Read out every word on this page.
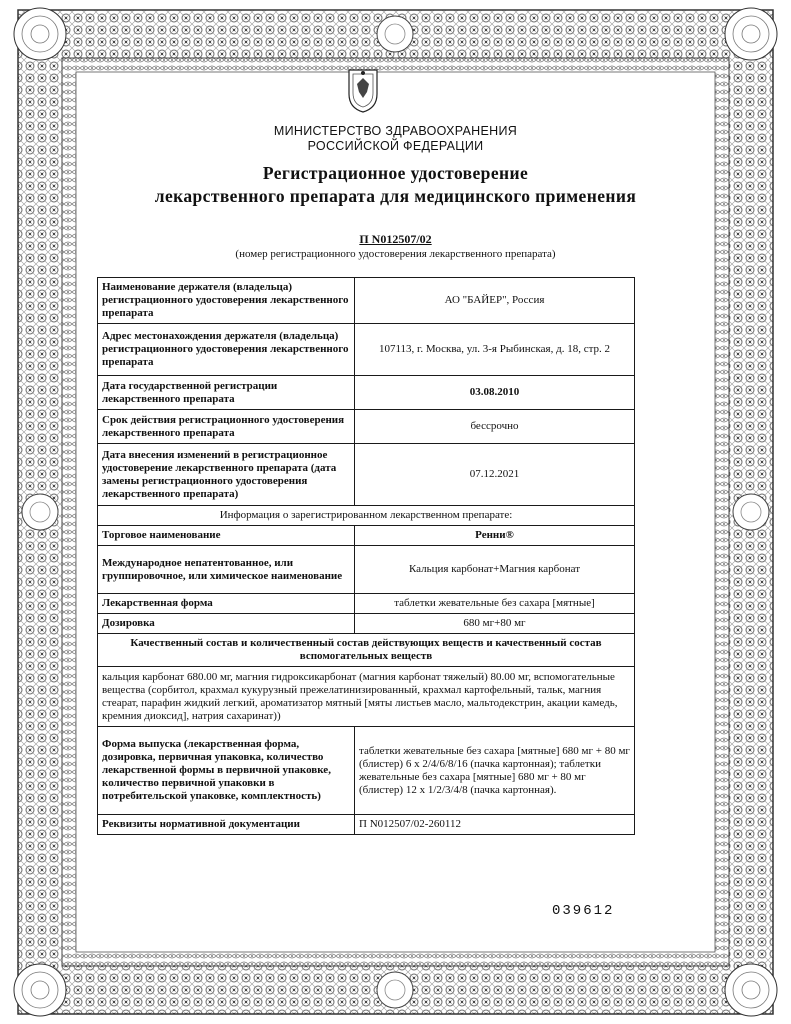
МИНИСТЕРСТВО ЗДРАВООХРАНЕНИЯ
РОССИЙСКОЙ ФЕДЕРАЦИИ
Регистрационное удостоверение
лекарственного препарата для медицинского применения
П N012507/02
(номер регистрационного удостоверения лекарственного препарата)
Наименование держателя (владельца) регистрационного удостоверения лекарственного препарата	АО "БАЙЕР", Россия
Адрес местонахождения держателя (владельца) регистрационного удостоверения лекарственного препарата	107113, г. Москва, ул. 3-я Рыбинская, д. 18, стр. 2
Дата государственной регистрации лекарственного препарата	03.08.2010
Срок действия регистрационного удостоверения лекарственного препарата	бессрочно
Дата внесения изменений в регистрационное удостоверение лекарственного препарата (дата замены регистрационного удостоверения лекарственного препарата)	07.12.2021
Информация о зарегистрированном лекарственном препарате:	
Торговое наименование	Ренни®
Международное непатентованное, или группировочное, или химическое наименование	Кальция карбонат+Магния карбонат
Лекарственная форма	таблетки жевательные без сахара [мятные]
Дозировка	680 мг+80 мг
Качественный состав и количественный состав действующих веществ и качественный состав вспомогательных веществ	
кальция карбонат 680.00 мг, магния гидроксикарбонат (магния карбонат тяжелый) 80.00 мг, вспомогательные вещества (сорбитол, крахмал кукурузный прежелатинизированный, крахмал картофельный, тальк, магния стеарат, парафин жидкий легкий, ароматизатор мятный [мяты листьев масло, мальтодекстрин, акации камедь, кремния диоксид], натрия сахаринат))	
Форма выпуска (лекарственная форма, дозировка, первичная упаковка, количество лекарственной формы в первичной упаковке, количество первичной упаковки в потребительской упаковке, комплектность)	таблетки жевательные без сахара [мятные] 680 мг + 80 мг (блистер) 6 х 2/4/6/8/16 (пачка картонная); таблетки жевательные без сахара [мятные] 680 мг + 80 мг (блистер) 12 х 1/2/3/4/8 (пачка картонная).
Реквизиты нормативной документации	П N012507/02-260112
039612
